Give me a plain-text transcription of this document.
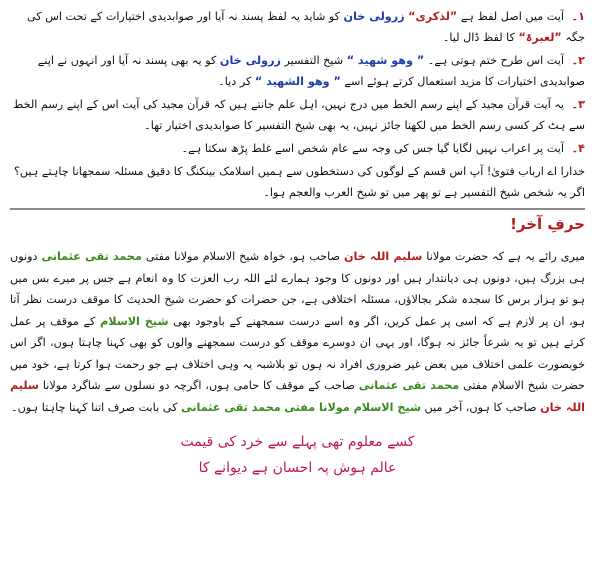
۱۔ آیت میں اصل لفظ ہے ”لذکری“ زرولی خان کو شاید یہ لفظ پسند نہ آیا اور صوابدیدی اختیارات کے تحت اس کی جگہ ”لعبرۃ“ کا لفظ ڈال لیا۔

۲۔ آیت اس طرح ختم ہوتی ہے۔ ” وھو شھید “ شیخ التفسیر زرولی خان کو یہ بھی پسند نہ آیا اور انہوں نے اپنے صوابدیدی اختیارات کا مزید استعمال کرتے ہوئے اسے ” وھو الشھید “ کر دیا۔

۳۔ یہ آیت قرآن مجید کے اپنے رسم الخط میں درج نہیں، اہل علم جانتے ہیں کہ قرآن مجید کی آیت اس کے اپنے رسم الخط سے ہٹ کر کسی رسم الخط میں لکھنا جائز نہیں، یہ بھی شیخ التفسیر کا صوابدیدی اختیار تھا۔

۴۔ آیت پر اعراب نہیں لگایا گیا جس کی وجہ سے عام شخص اسے غلط پڑھ سکتا ہے۔

خدارا اے ارباب فتویٰ! آپ اس قسم کے لوگوں کی دستخطوں سے ہمیں اسلامک بینکنگ کا دقیق مسئلہ سمجھانا چاہتے ہیں؟ اگر یہ شخص شیخ التفسیر ہے تو پھر میں تو شیخ العرب والعجم ہوا۔

حرفِ آخر!

میری رائے یہ ہے کہ حضرت مولانا سلیم اللہ خان صاحب ہو، خواہ شیخ الاسلام مولانا مفتی محمد تقی عثمانی دونوں ہی بزرگ ہیں، دونوں ہی دیانتدار ہیں اور دونوں کا وجود ہمارے لئے اللہ رب العزت کا وہ انعام ہے جس پر میرے بس میں ہو تو ہزار برس کا سجدہ شکر بجالاؤں، مسئلہ اختلافی ہے، جن حضرات کو حضرت شیخ الحدیث کا موقف درست نظر آتا ہو، ان پر لازم ہے کہ اسی پر عمل کریں، اگر وہ اسے درست سمجھنے کے باوجود بھی شیخ الاسلام کے موقف پر عمل کرتے ہیں تو یہ شرعاً جائز نہ ہوگا، اور یہی ان دوسرے موقف کو درست سمجھنے والوں کو بھی کہنا چاہتا ہوں، اگر اس خوبصورت علمی اختلاف میں بعض غیر ضروری افراد نہ ہوں تو بلاشبہ یہ وہی اختلاف ہے جو رحمت ہوا کرتا ہے، خود میں حضرت شیخ الاسلام مفتی محمد تقی عثمانی صاحب کے موقف کا حامی ہوں، اگرچہ دو نسلوں سے شاگرد مولانا سلیم اللہ خان صاحب کا ہوں، آخر میں شیخ الاسلام مولانا مفتی محمد تقی عثمانی کی بابت صرف اتنا کہنا چاہتا ہوں۔

کسے معلوم تھی پہلے سے خرد کی قیمت
عالم ہوش پہ احسان ہے دیوانے کا
